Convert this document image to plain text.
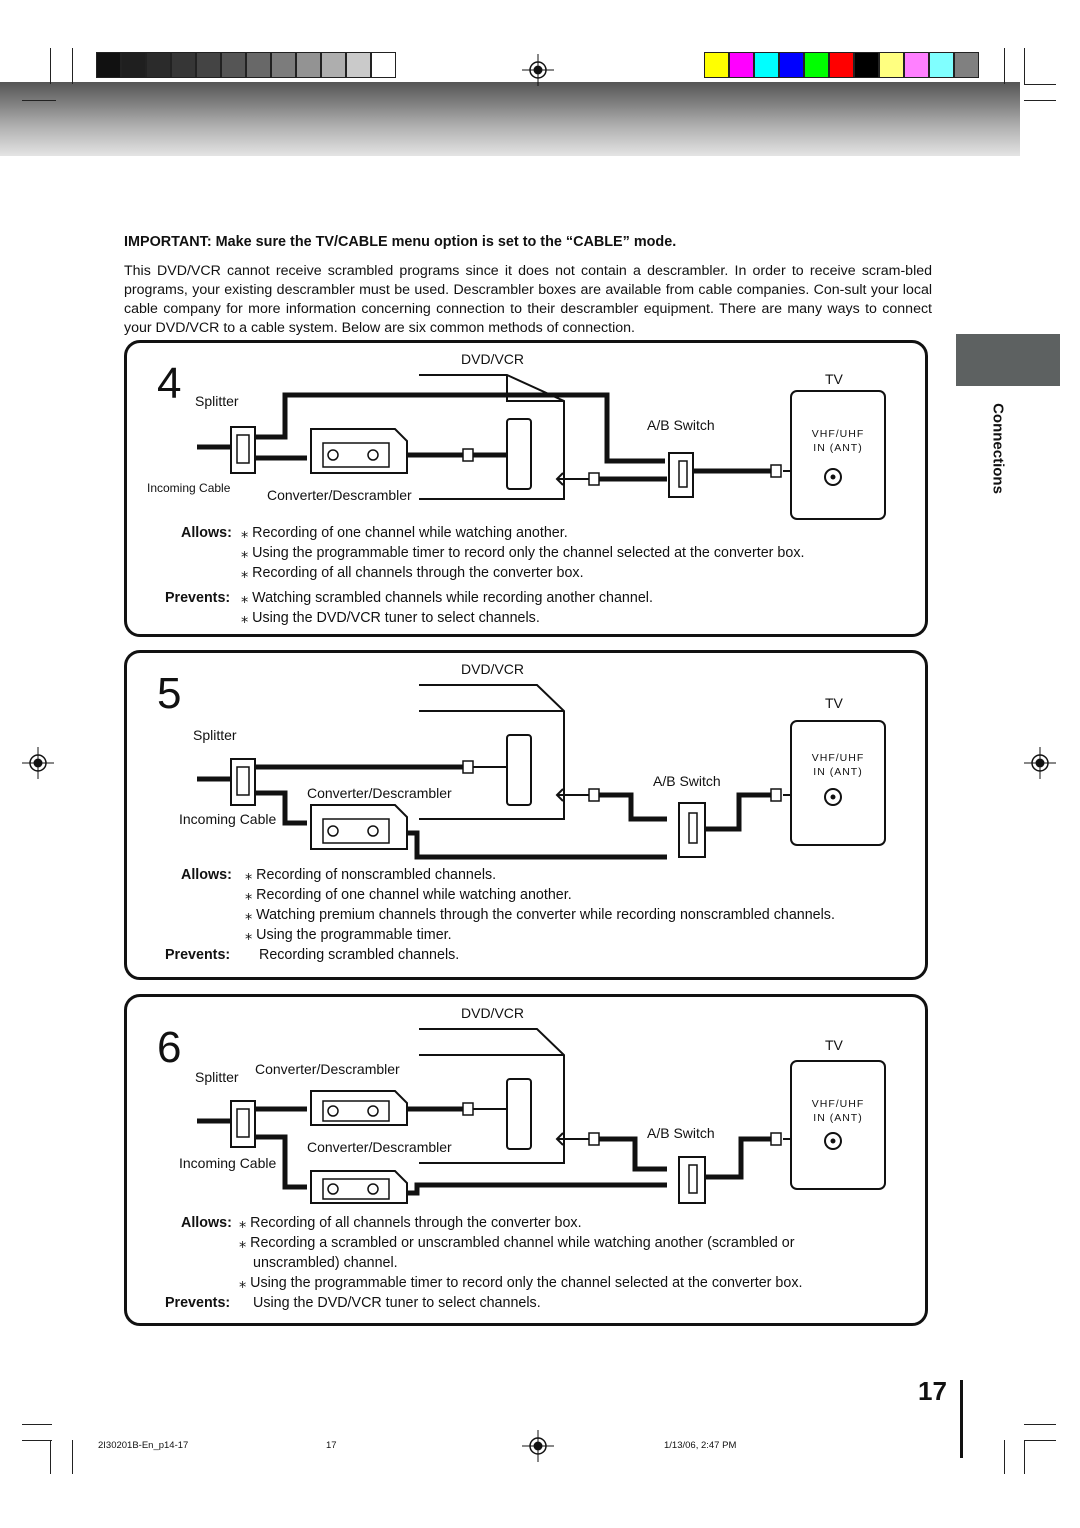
IMPORTANT: Make sure the TV/CABLE menu option is set to the “CABLE” mode.

This DVD/VCR cannot receive scrambled programs since it does not contain a descrambler. In order to receive scram-bled programs, your existing descrambler must be used. Descrambler boxes are available from cable companies. Con-sult your local cable company for more information concerning connection to their descrambler equipment. There are many ways to connect your DVD/VCR to a cable system. Below are six common methods of connection.

Connections
4	DVD/VCR
TV
Splitter
A/B Switch
VHF/UHF
IN (ANT)
Incoming Cable	Converter/Descrambler
Allows: ⁎ Recording of one channel while watching another.
⁎ Using the programmable timer to record only the channel selected at the converter box.
⁎ Recording of all channels through the converter box.
Prevents: ⁎ Watching scrambled channels while recording another channel.
⁎ Using the DVD/VCR tuner to select channels.
5	DVD/VCR
TV
Splitter
A/B Switch
VHF/UHF
IN (ANT)
Incoming Cable
Converter/Descrambler
Allows: ⁎ Recording of nonscrambled channels.
⁎ Recording of one channel while watching another.
⁎ Watching premium channels through the converter while recording nonscrambled channels.
⁎ Using the programmable timer.
Prevents: Recording scrambled channels.
6
DVD/VCR
TV
Splitter Converter/Descrambler
A/B Switch
VHF/UHF
IN (ANT)
Incoming Cable
Converter/Descrambler
Allows: ⁎ Recording of all channels through the converter box.
⁎ Recording a scrambled or unscrambled channel while watching another (scrambled or
unscrambled) channel.
⁎ Using the programmable timer to record only the channel selected at the converter box.
Prevents: Using the DVD/VCR tuner to select channels.
17
2I30201B-En_p14-17	17	1/13/06, 2:47 PM
